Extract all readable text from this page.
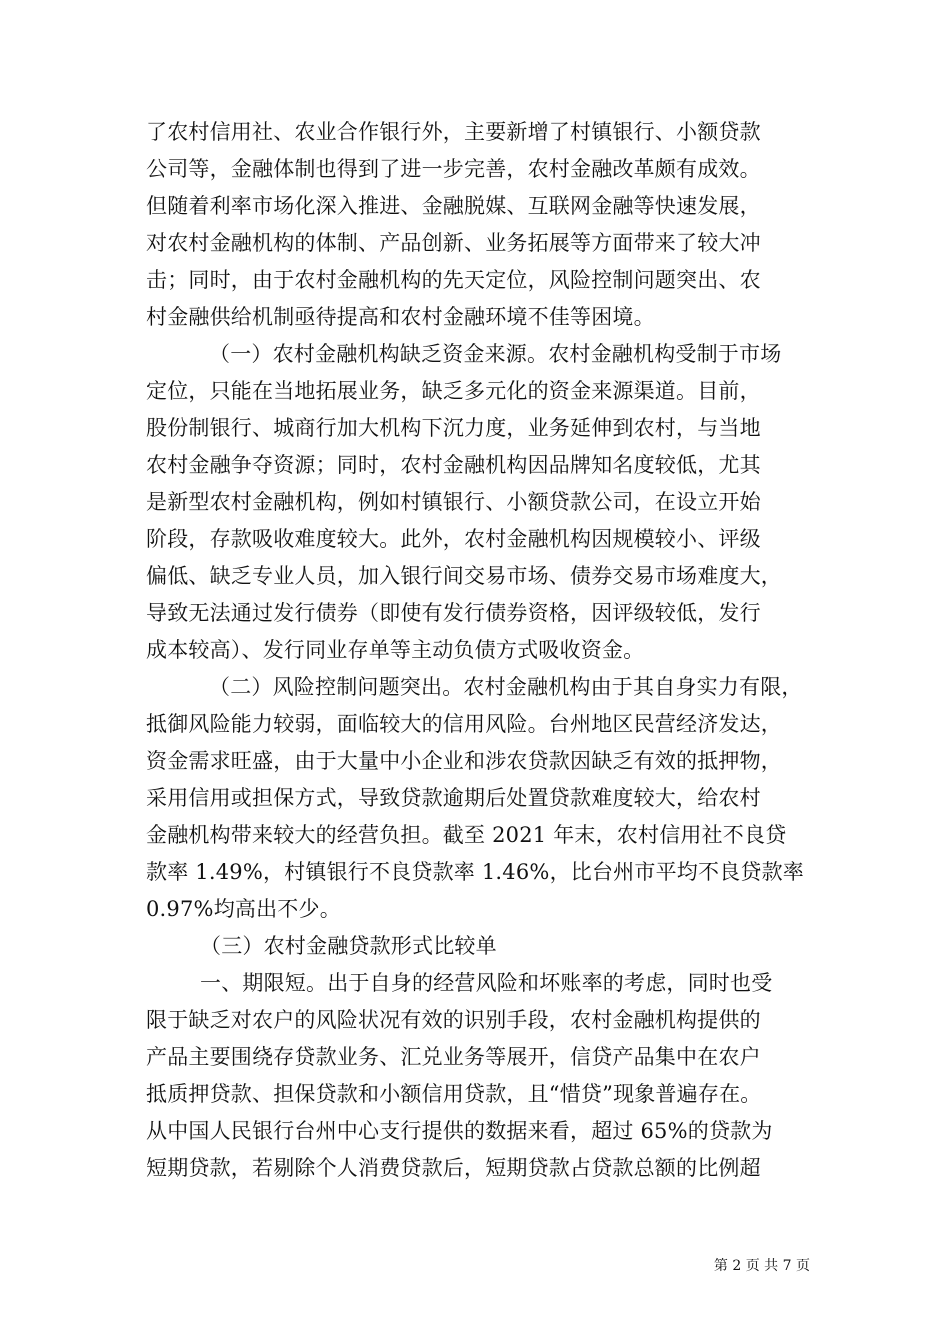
了农村信用社、农业合作银行外，主要新增了村镇银行、小额贷款
公司等，金融体制也得到了进一步完善，农村金融改革颇有成效。
但随着利率市场化深入推进、金融脱媒、互联网金融等快速发展，
对农村金融机构的体制、产品创新、业务拓展等方面带来了较大冲
击；同时，由于农村金融机构的先天定位，风险控制问题突出、农
村金融供给机制亟待提高和农村金融环境不佳等困境。
（一）农村金融机构缺乏资金来源。农村金融机构受制于市场
定位，只能在当地拓展业务，缺乏多元化的资金来源渠道。目前，
股份制银行、城商行加大机构下沉力度，业务延伸到农村，与当地
农村金融争夺资源；同时，农村金融机构因品牌知名度较低，尤其
是新型农村金融机构，例如村镇银行、小额贷款公司，在设立开始
阶段，存款吸收难度较大。此外，农村金融机构因规模较小、评级
偏低、缺乏专业人员，加入银行间交易市场、债券交易市场难度大，
导致无法通过发行债券（即使有发行债券资格，因评级较低，发行
成本较高）、发行同业存单等主动负债方式吸收资金。
（二）风险控制问题突出。农村金融机构由于其自身实力有限，
抵御风险能力较弱，面临较大的信用风险。台州地区民营经济发达，
资金需求旺盛，由于大量中小企业和涉农贷款因缺乏有效的抵押物，
采用信用或担保方式，导致贷款逾期后处置贷款难度较大，给农村
金融机构带来较大的经营负担。截至 2021 年末，农村信用社不良贷
款率 1.49%，村镇银行不良贷款率 1.46%，比台州市平均不良贷款率
0.97%均高出不少。
（三）农村金融贷款形式比较单
一、期限短。出于自身的经营风险和坏账率的考虑，同时也受
限于缺乏对农户的风险状况有效的识别手段，农村金融机构提供的
产品主要围绕存贷款业务、汇兑业务等展开，信贷产品集中在农户
抵质押贷款、担保贷款和小额信用贷款，且“惜贷”现象普遍存在。
从中国人民银行台州中心支行提供的数据来看，超过 65%的贷款为
短期贷款，若剔除个人消费贷款后，短期贷款占贷款总额的比例超
第 2 页 共 7 页
